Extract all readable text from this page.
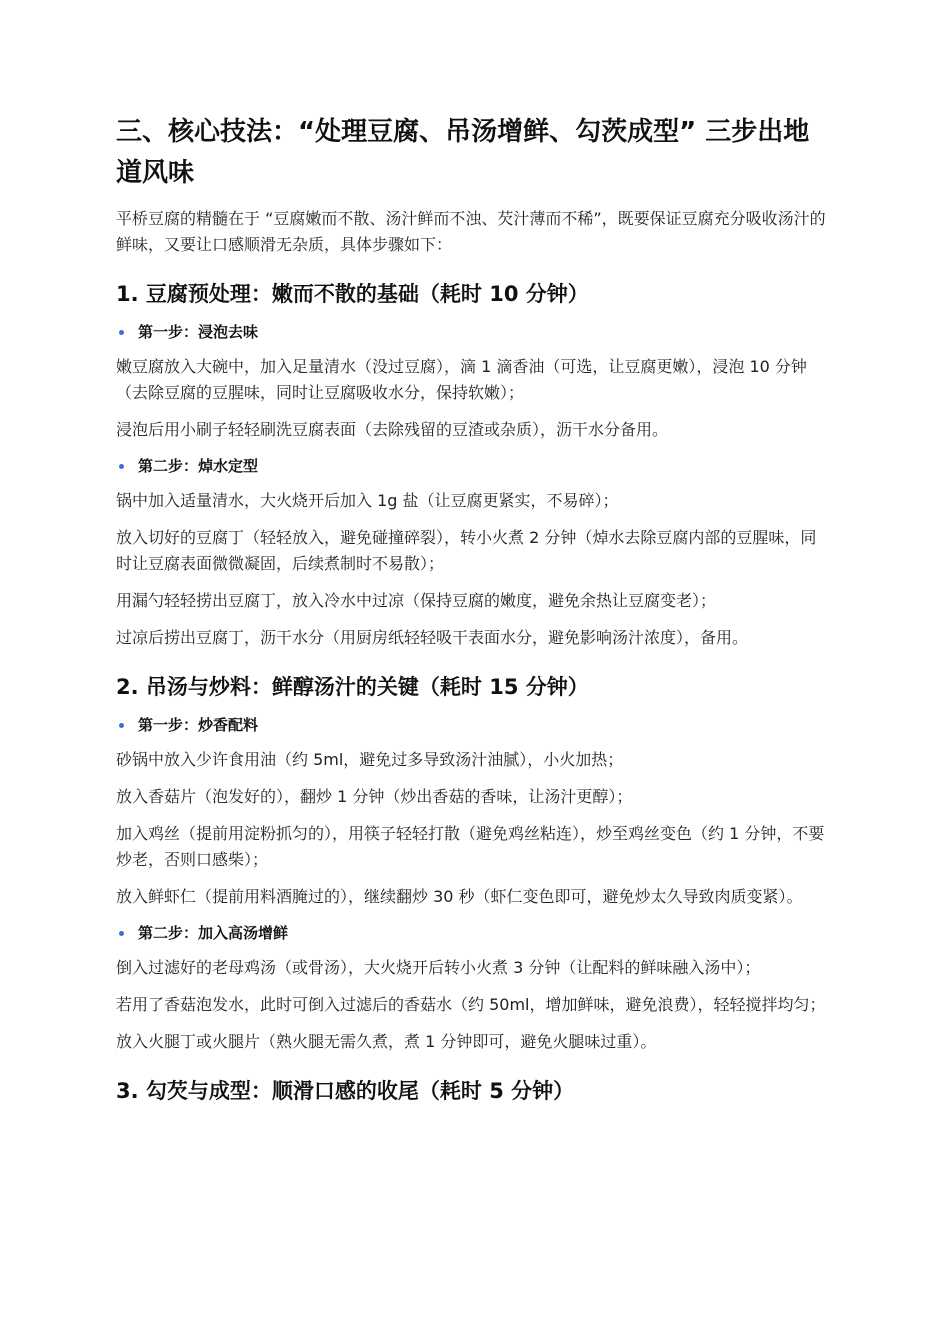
三、核心技法：“处理豆腐、吊汤增鲜、勾茨成型” 三步出地道风味

平桥豆腐的精髓在于 “豆腐嫩而不散、汤汁鲜而不浊、芡汁薄而不稀”，既要保证豆腐充分吸收汤汁的鲜味，又要让口感顺滑无杂质，具体步骤如下：

1. 豆腐预处理：嫩而不散的基础（耗时 10 分钟）
第一步：浸泡去味

嫩豆腐放入大碗中，加入足量清水（没过豆腐），滴 1 滴香油（可选，让豆腐更嫩），浸泡 10 分钟（去除豆腐的豆腥味，同时让豆腐吸收水分，保持软嫩）；

浸泡后用小刷子轻轻刷洗豆腐表面（去除残留的豆渣或杂质），沥干水分备用。

第二步：焯水定型

锅中加入适量清水，大火烧开后加入 1g 盐（让豆腐更紧实，不易碎）；

放入切好的豆腐丁（轻轻放入，避免碰撞碎裂），转小火煮 2 分钟（焯水去除豆腐内部的豆腥味，同时让豆腐表面微微凝固，后续煮制时不易散）；

用漏勺轻轻捞出豆腐丁，放入冷水中过凉（保持豆腐的嫩度，避免余热让豆腐变老）；

过凉后捞出豆腐丁，沥干水分（用厨房纸轻轻吸干表面水分，避免影响汤汁浓度），备用。

2. 吊汤与炒料：鲜醇汤汁的关键（耗时 15 分钟）
第一步：炒香配料

砂锅中放入少许食用油（约 5ml，避免过多导致汤汁油腻），小火加热；

放入香菇片（泡发好的），翻炒 1 分钟（炒出香菇的香味，让汤汁更醇）；

加入鸡丝（提前用淀粉抓匀的），用筷子轻轻打散（避免鸡丝粘连），炒至鸡丝变色（约 1 分钟，不要炒老，否则口感柴）；

放入鲜虾仁（提前用料酒腌过的），继续翻炒 30 秒（虾仁变色即可，避免炒太久导致肉质变紧）。

第二步：加入高汤增鲜

倒入过滤好的老母鸡汤（或骨汤），大火烧开后转小火煮 3 分钟（让配料的鲜味融入汤中）；

若用了香菇泡发水，此时可倒入过滤后的香菇水（约 50ml，增加鲜味，避免浪费），轻轻搅拌均匀；

放入火腿丁或火腿片（熟火腿无需久煮，煮 1 分钟即可，避免火腿味过重）。

3. 勾芡与成型：顺滑口感的收尾（耗时 5 分钟）
